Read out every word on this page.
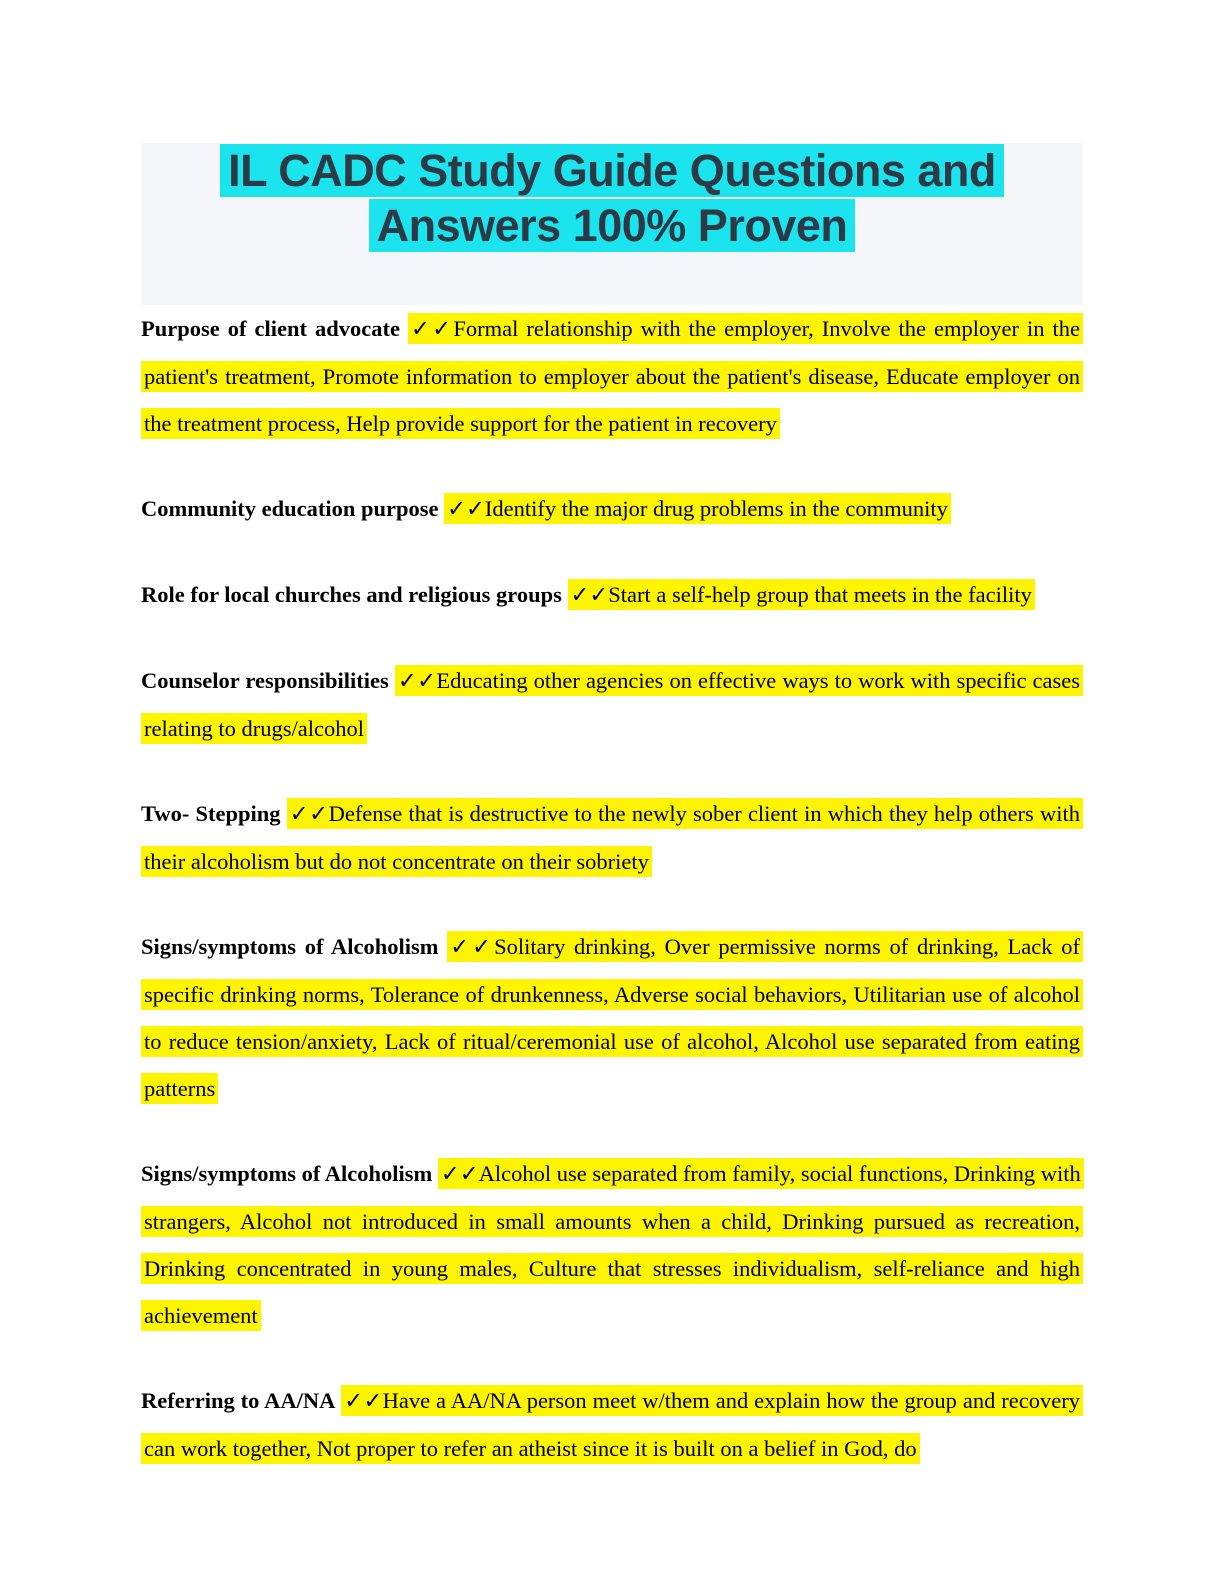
IL CADC Study Guide Questions and
Answers 100% Proven

Purpose of client advocate ✓✓Formal relationship with the employer, Involve the employer in the patient's treatment, Promote information to employer about the patient's disease, Educate employer on the treatment process, Help provide support for the patient in recovery

Community education purpose ✓✓Identify the major drug problems in the community

Role for local churches and religious groups ✓✓Start a self-help group that meets in the facility

Counselor responsibilities ✓✓Educating other agencies on effective ways to work with specific cases relating to drugs/alcohol

Two- Stepping ✓✓Defense that is destructive to the newly sober client in which they help others with their alcoholism but do not concentrate on their sobriety

Signs/symptoms of Alcoholism ✓✓Solitary drinking, Over permissive norms of drinking, Lack of specific drinking norms, Tolerance of drunkenness, Adverse social behaviors, Utilitarian use of alcohol to reduce tension/anxiety, Lack of ritual/ceremonial use of alcohol, Alcohol use separated from eating patterns

Signs/symptoms of Alcoholism ✓✓Alcohol use separated from family, social functions, Drinking with strangers, Alcohol not introduced in small amounts when a child, Drinking pursued as recreation, Drinking concentrated in young males, Culture that stresses individualism, self-reliance and high achievement

Referring to AA/NA ✓✓Have a AA/NA person meet w/them and explain how the group and recovery can work together, Not proper to refer an atheist since it is built on a belief in God, do
